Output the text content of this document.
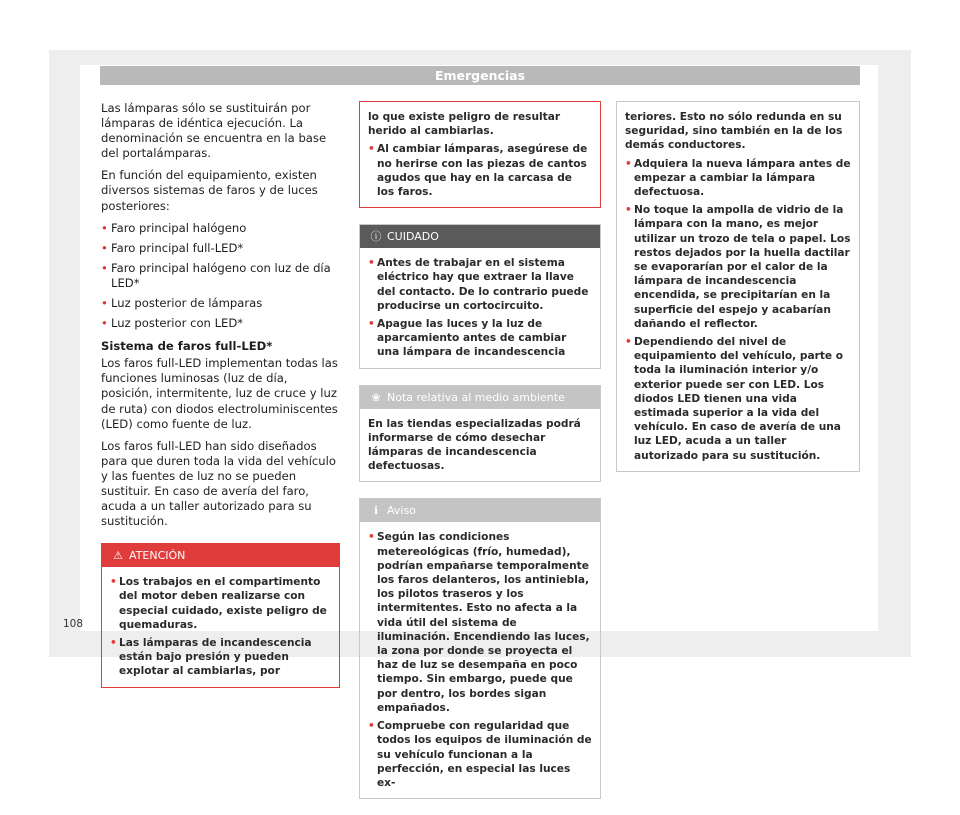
Emergencias

Las lámparas sólo se sustituirán por lámparas de idéntica ejecución. La denominación se encuentra en la base del portalámparas.

En función del equipamiento, existen diversos sistemas de faros y de luces posteriores:

• Faro principal halógeno
• Faro principal full-LED*
• Faro principal halógeno con luz de día LED*
• Luz posterior de lámparas
• Luz posterior con LED*
Sistema de faros full-LED*

Los faros full-LED implementan todas las funciones luminosas (luz de día, posición, intermitente, luz de cruce y luz de ruta) con diodos electroluminiscentes (LED) como fuente de luz.

Los faros full-LED han sido diseñados para que duren toda la vida del vehículo y las fuentes de luz no se pueden sustituir. En caso de avería del faro, acuda a un taller autorizado para su sustitución.

⚠ ATENCIÓN
• Los trabajos en el compartimento del motor deben realizarse con especial cuidado, existe peligro de quemaduras.
• Las lámparas de incandescencia están bajo presión y pueden explotar al cambiarlas, por

lo que existe peligro de resultar herido al cambiarlas.

• Al cambiar lámparas, asegúrese de no herirse con las piezas de cantos agudos que hay en la carcasa de los faros.
ⓘ CUIDADO
• Antes de trabajar en el sistema eléctrico hay que extraer la llave del contacto. De lo contrario puede producirse un cortocircuito.
• Apague las luces y la luz de aparcamiento antes de cambiar una lámpara de incandescencia
❀ Nota relativa al medio ambiente

En las tiendas especializadas podrá informarse de cómo desechar lámparas de incandescencia defectuosas.

ℹ Aviso
• Según las condiciones metereológicas (frío, humedad), podrían empañarse temporalmente los faros delanteros, los antiniebla, los pilotos traseros y los intermitentes. Esto no afecta a la vida útil del sistema de iluminación. Encendiendo las luces, la zona por donde se proyecta el haz de luz se desempaña en poco tiempo. Sin embargo, puede que por dentro, los bordes sigan empañados.
• Compruebe con regularidad que todos los equipos de iluminación de su vehículo funcionan a la perfección, en especial las luces ex-

teriores. Esto no sólo redunda en su seguridad, sino también en la de los demás conductores.

• Adquiera la nueva lámpara antes de empezar a cambiar la lámpara defectuosa.
• No toque la ampolla de vidrio de la lámpara con la mano, es mejor utilizar un trozo de tela o papel. Los restos dejados por la huella dactilar se evaporarían por el calor de la lámpara de incandescencia encendida, se precipitarían en la superficie del espejo y acabarían dañando el reflector.
• Dependiendo del nivel de equipamiento del vehículo, parte o toda la iluminación interior y/o exterior puede ser con LED. Los diodos LED tienen una vida estimada superior a la vida del vehículo. En caso de avería de una luz LED, acuda a un taller autorizado para su sustitución.
108
